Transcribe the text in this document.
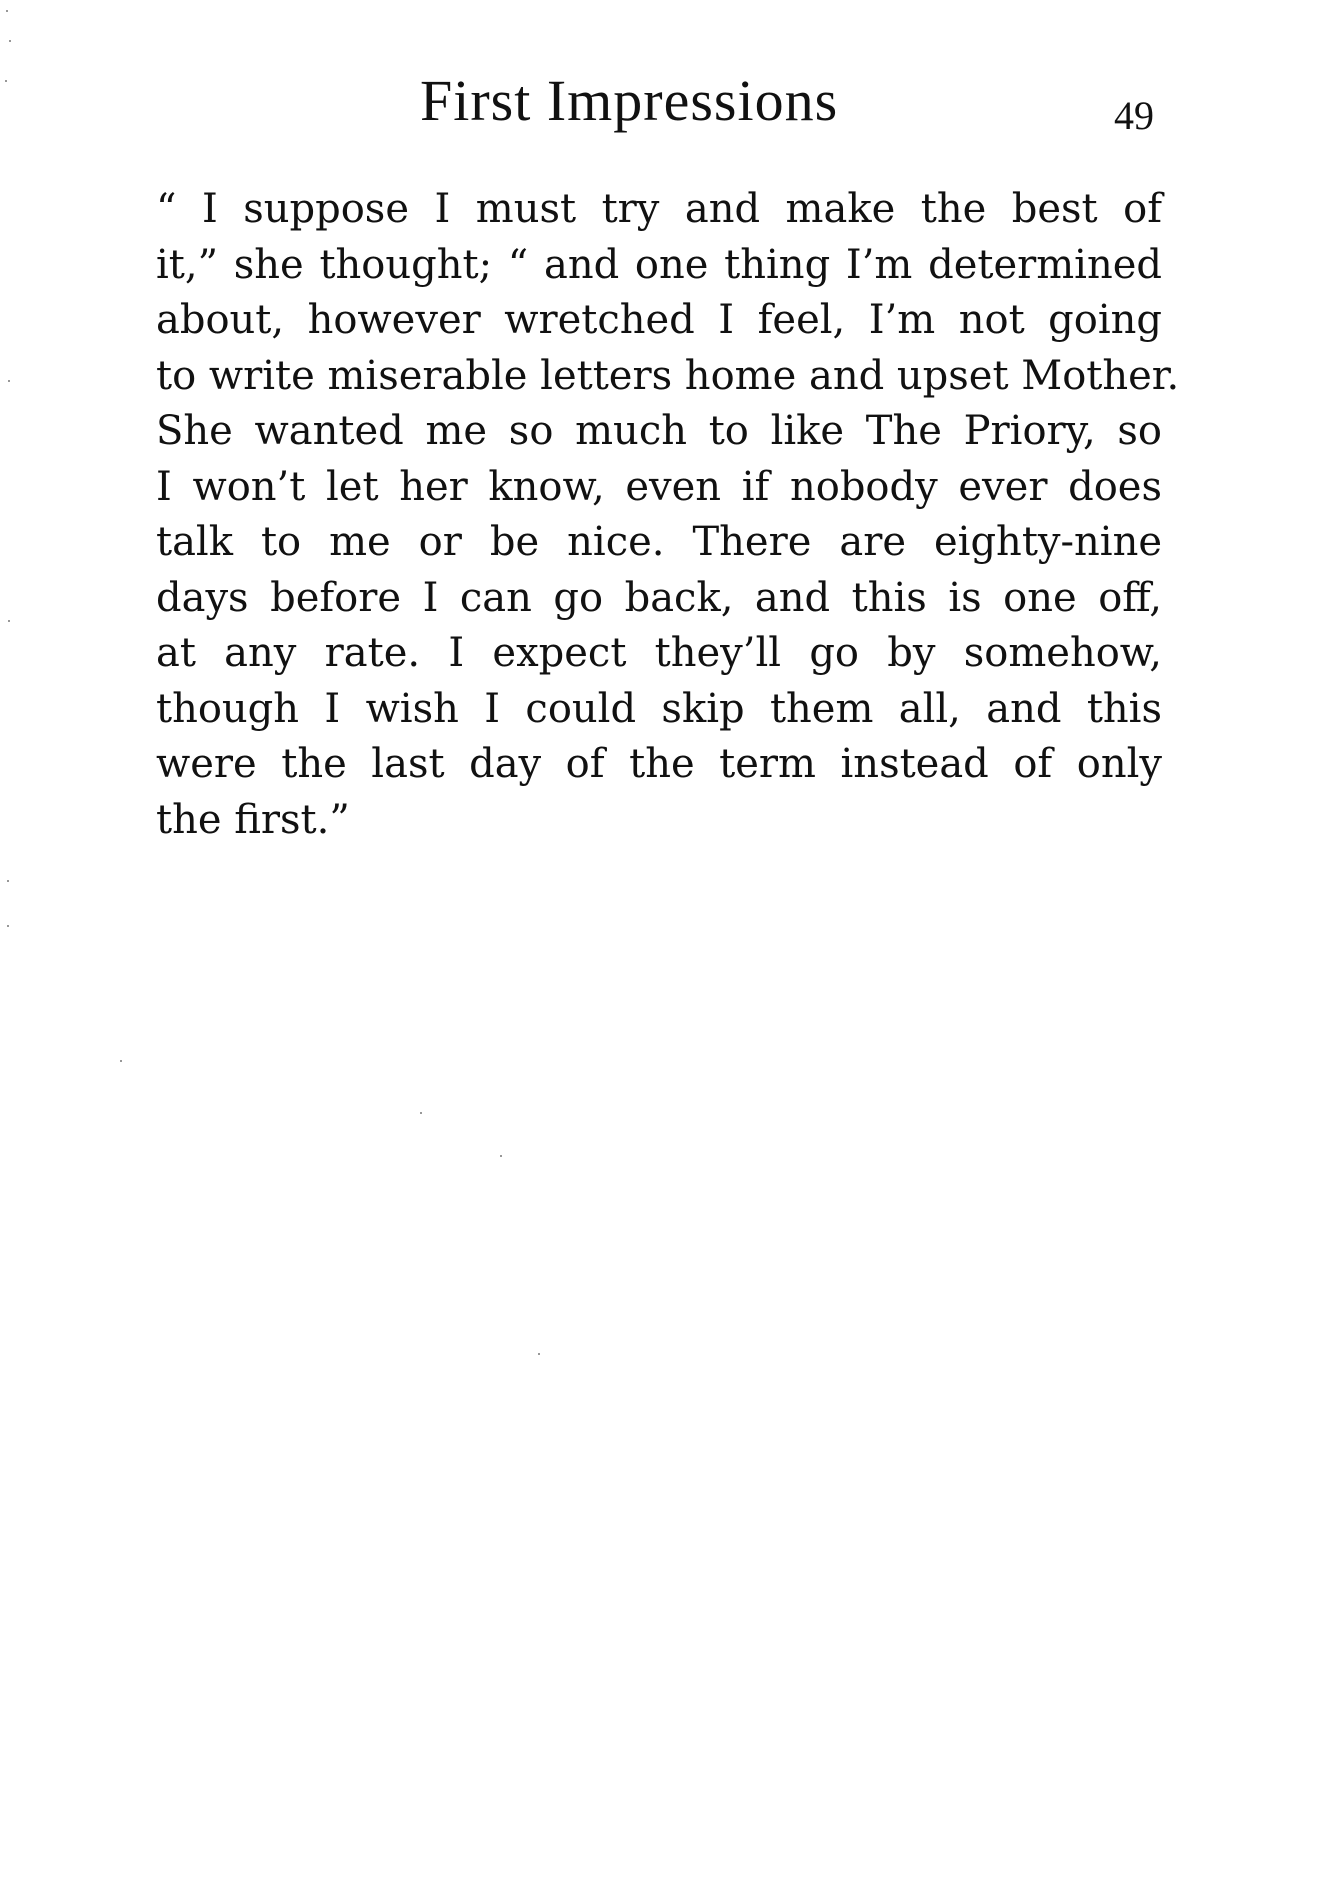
First Impressions	49
“ I suppose I must try and make the best of
it,” she thought; “ and one thing I’m determined
about, however wretched I feel, I’m not going
to write miserable letters home and upset Mother.
She wanted me so much to like The Priory, so
I won’t let her know, even if nobody ever does
talk to me or be nice. There are eighty-nine
days before I can go back, and this is one off,
at any rate. I expect they’ll go by somehow,
though I wish I could skip them all, and this
were the last day of the term instead of only
the first.”
